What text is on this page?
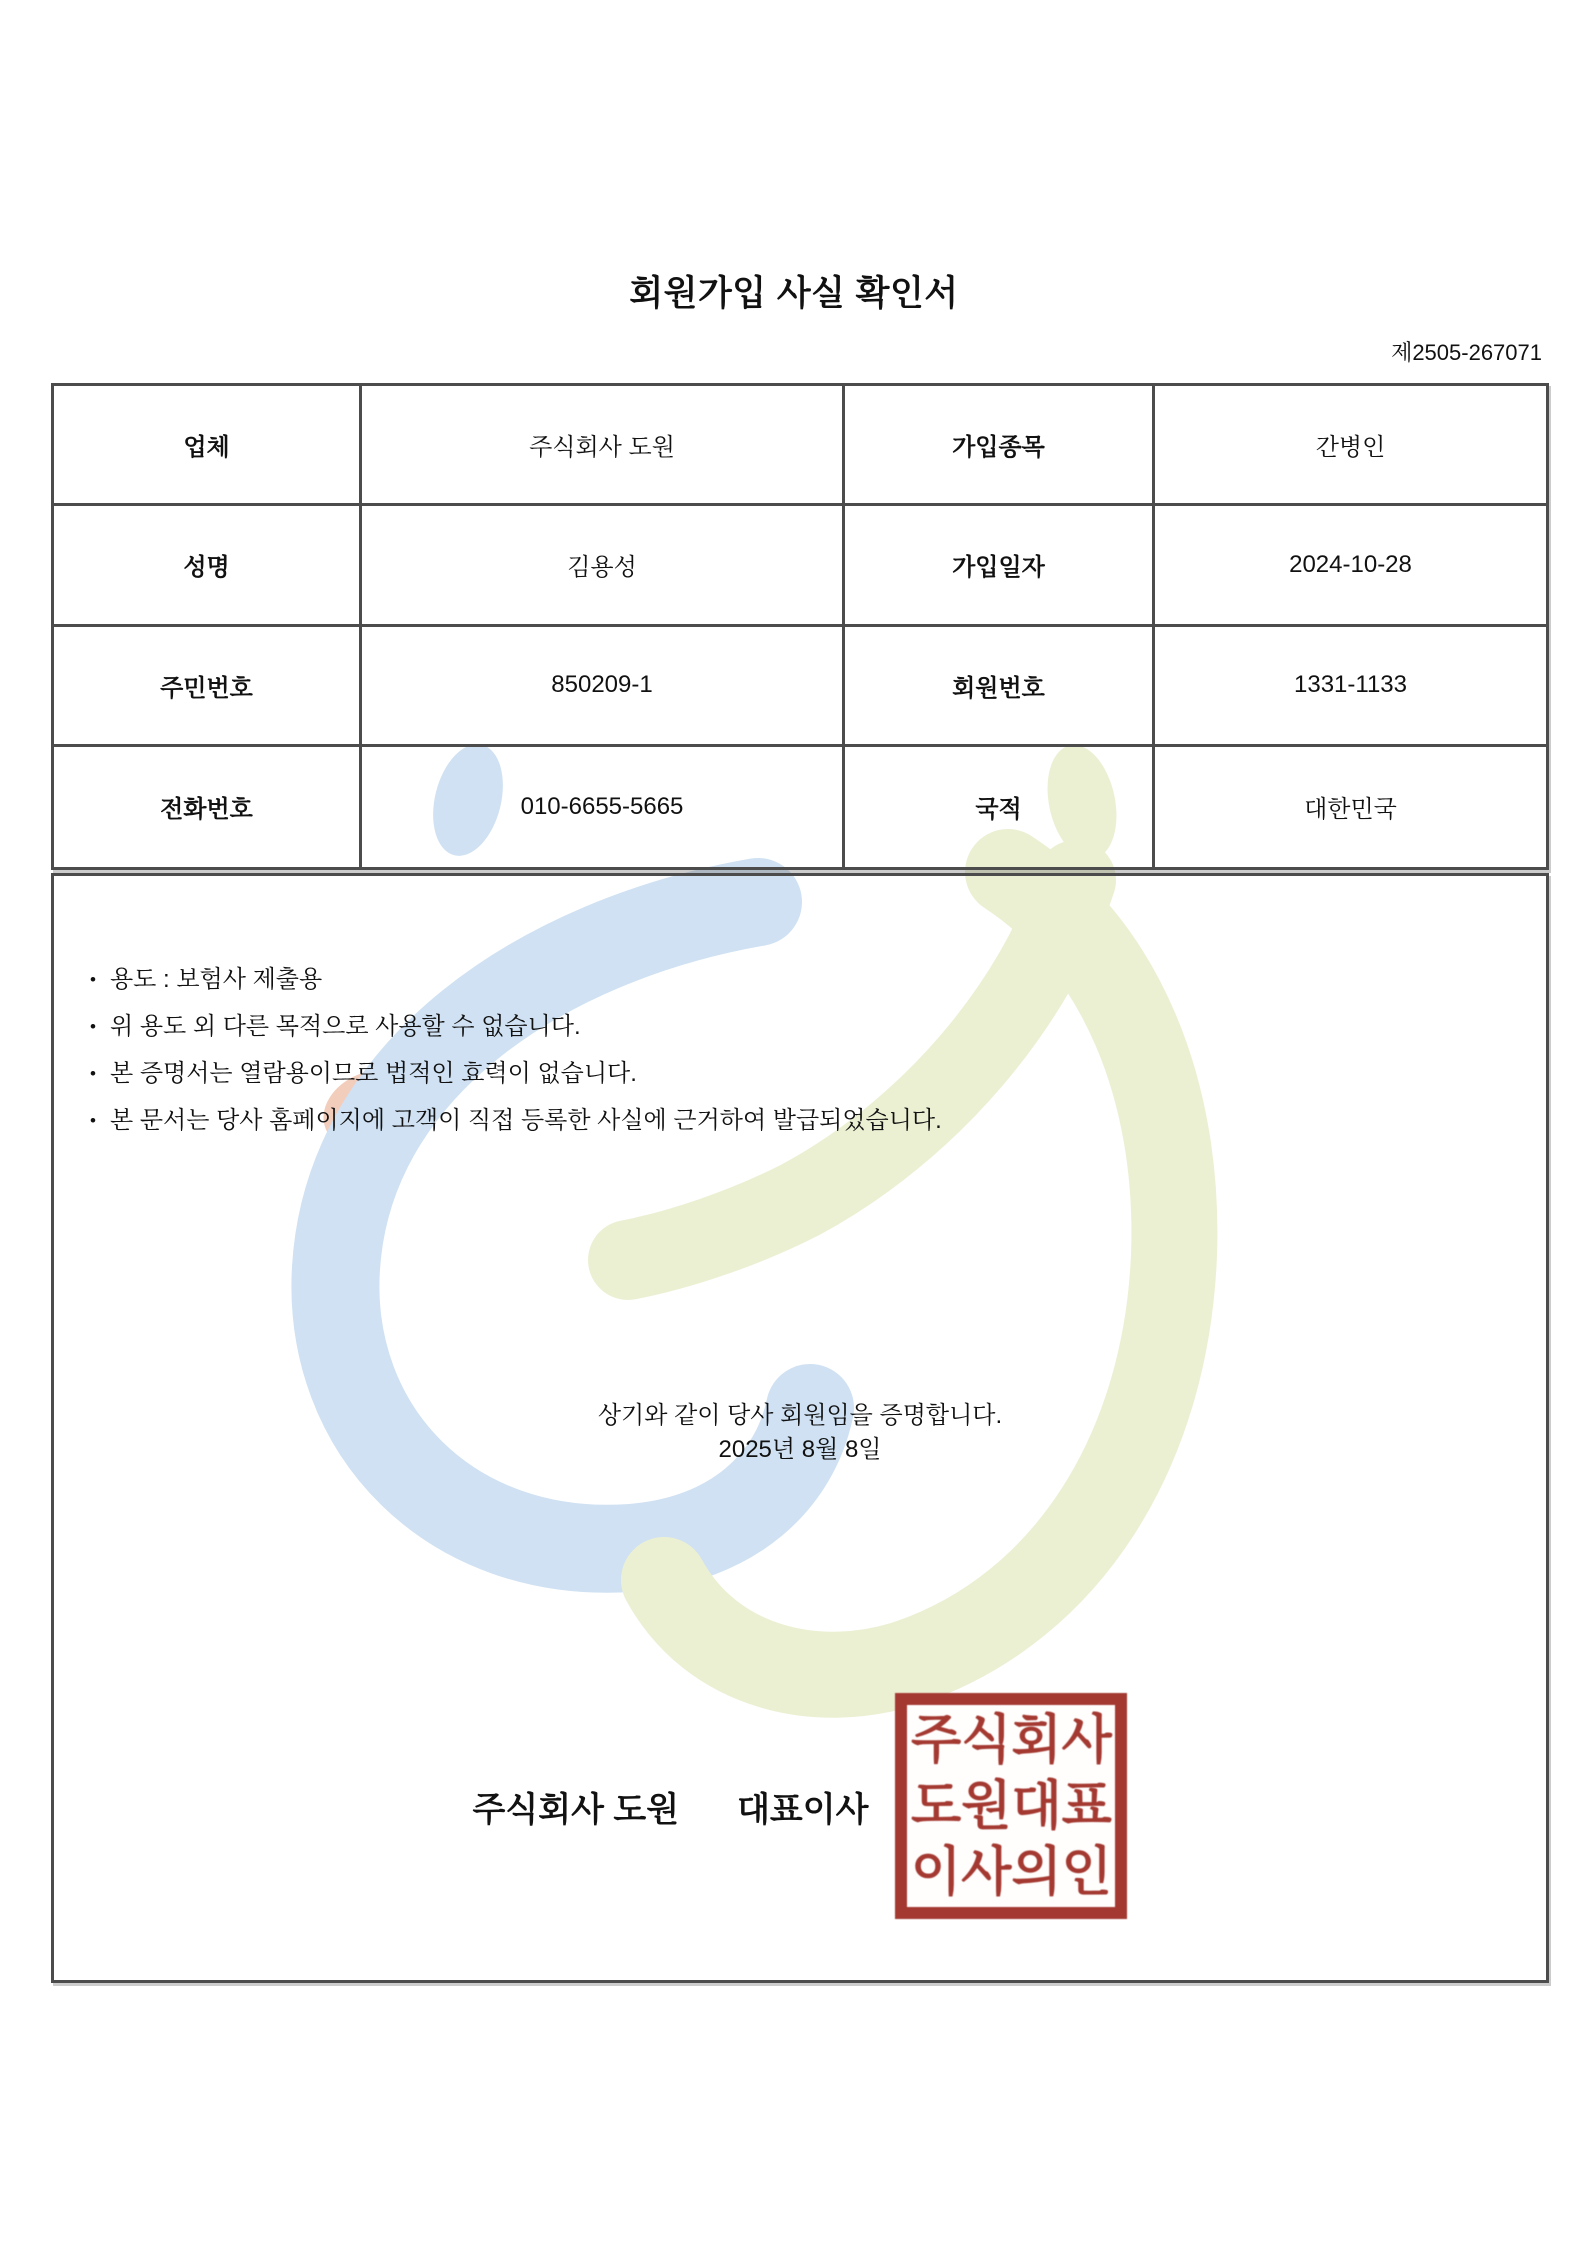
회원가입 사실 확인서
제2505-267071
업체	주식회사 도원	가입종목	간병인
성명	김용성	가입일자	2024-10-28
주민번호	850209-1	회원번호	1331-1133
전화번호	010-6655-5665	국적	대한민국
• 용도 : 보험사 제출용
• 위 용도 외 다른 목적으로 사용할 수 없습니다.
• 본 증명서는 열람용이므로 법적인 효력이 없습니다.
• 본 문서는 당사 홈페이지에 고객이 직접 등록한 사실에 근거하여 발급되었습니다.
상기와 같이 당사 회원임을 증명합니다.
2025년 8월 8일
주식회사 도원 대표이사
주식회사
도원대표
이사의인
